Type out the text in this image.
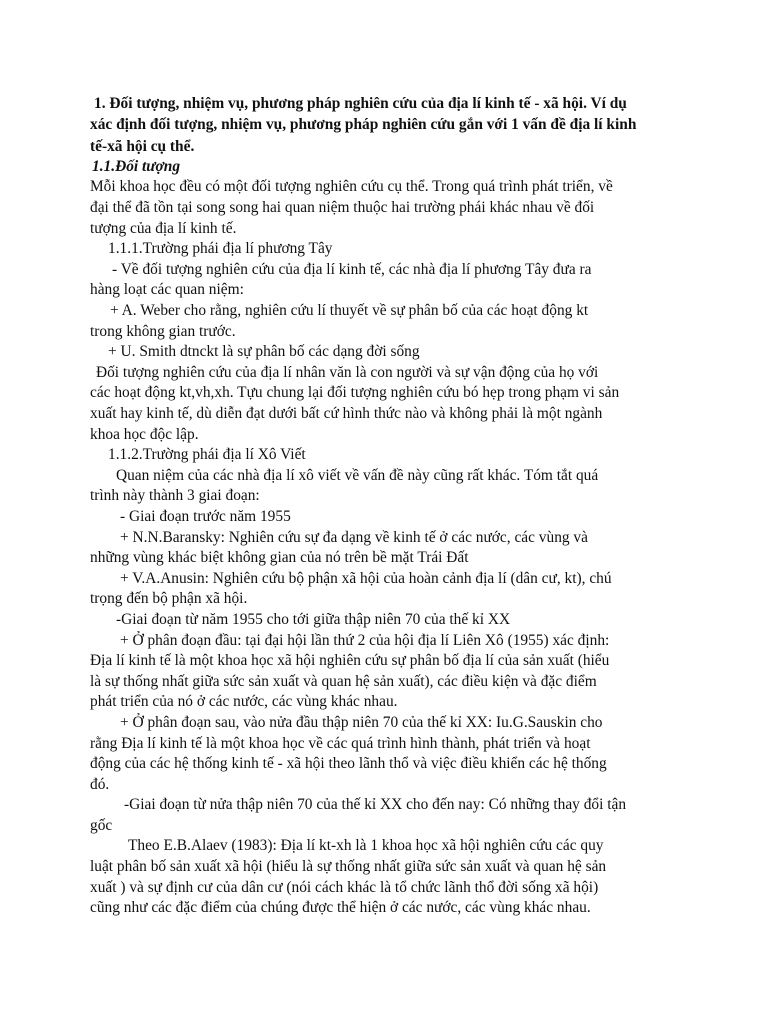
1. Đối tượng, nhiệm vụ, phương pháp nghiên cứu của địa lí kinh tế - xã hội. Ví dụ

xác định đối tượng, nhiệm vụ, phương pháp nghiên cứu gắn với 1 vấn đề địa lí kinh

tế-xã hội cụ thể.

1.1.Đối tượng

Mỗi khoa học đều có một đối tượng nghiên cứu cụ thể. Trong quá trình phát triển, về

đại thể đã tồn tại song song hai quan niệm thuộc hai trường phái khác nhau về đối

tượng của địa lí kinh tế.

1.1.1.Trường phái địa lí phương Tây

- Về đối tượng nghiên cứu của địa lí kinh tế, các nhà địa lí phương Tây đưa ra

hàng loạt các quan niệm:

+ A. Weber cho rằng, nghiên cứu lí thuyết về sự phân bố của các hoạt động kt

trong không gian trước.

+ U. Smith dtnckt là sự phân bố các dạng đời sống

Đối tượng nghiên cứu của địa lí nhân văn là con người và sự vận động của họ với

các hoạt động kt,vh,xh. Tựu chung lại đối tượng nghiên cứu bó hẹp trong phạm vi sản

xuất hay kinh tế, dù diễn đạt dưới bất cứ hình thức nào và không phải là một ngành

khoa học độc lập.

1.1.2.Trường phái địa lí Xô Viết

Quan niệm của các nhà địa lí xô viết về vấn đề này cũng rất khác. Tóm tắt quá

trình này thành 3 giai đoạn:

- Giai đoạn trước năm 1955

+ N.N.Baransky: Nghiên cứu sự đa dạng về kinh tế ở các nước, các vùng và

những vùng khác biệt không gian của nó trên bề mặt Trái Đất

+ V.A.Anusin: Nghiên cứu bộ phận xã hội của hoàn cảnh địa lí (dân cư, kt), chú

trọng đến bộ phận xã hội.

-Giai đoạn từ năm 1955 cho tới giữa thập niên 70 của thế kỉ XX

+ Ở phân đoạn đầu: tại đại hội lần thứ 2 của hội địa lí Liên Xô (1955) xác định:

Địa lí kinh tế là một khoa học xã hội nghiên cứu sự phân bố địa lí của sản xuất (hiểu

là sự thống nhất giữa sức sản xuất và quan hệ sản xuất), các điều kiện và đặc điểm

phát triển của nó ở các nước, các vùng khác nhau.

+ Ở phân đoạn sau, vào nửa đầu thập niên 70 của thế kỉ XX: Iu.G.Sauskin cho

rằng Địa lí kinh tế là một khoa học về các quá trình hình thành, phát triển và hoạt

động của các hệ thống kinh tế - xã hội theo lãnh thổ và việc điều khiển các hệ thống

đó.

-Giai đoạn từ nửa thập niên 70 của thế kỉ XX cho đến nay: Có những thay đổi tận

gốc

Theo E.B.Alaev (1983): Địa lí kt-xh là 1 khoa học xã hội nghiên cứu các quy

luật phân bố sản xuất xã hội (hiểu là sự thống nhất giữa sức sản xuất và quan hệ sản

xuất ) và sự định cư của dân cư (nói cách khác là tổ chức lãnh thổ đời sống xã hội)

cũng như các đặc điểm của chúng được thể hiện ở các nước, các vùng khác nhau.
